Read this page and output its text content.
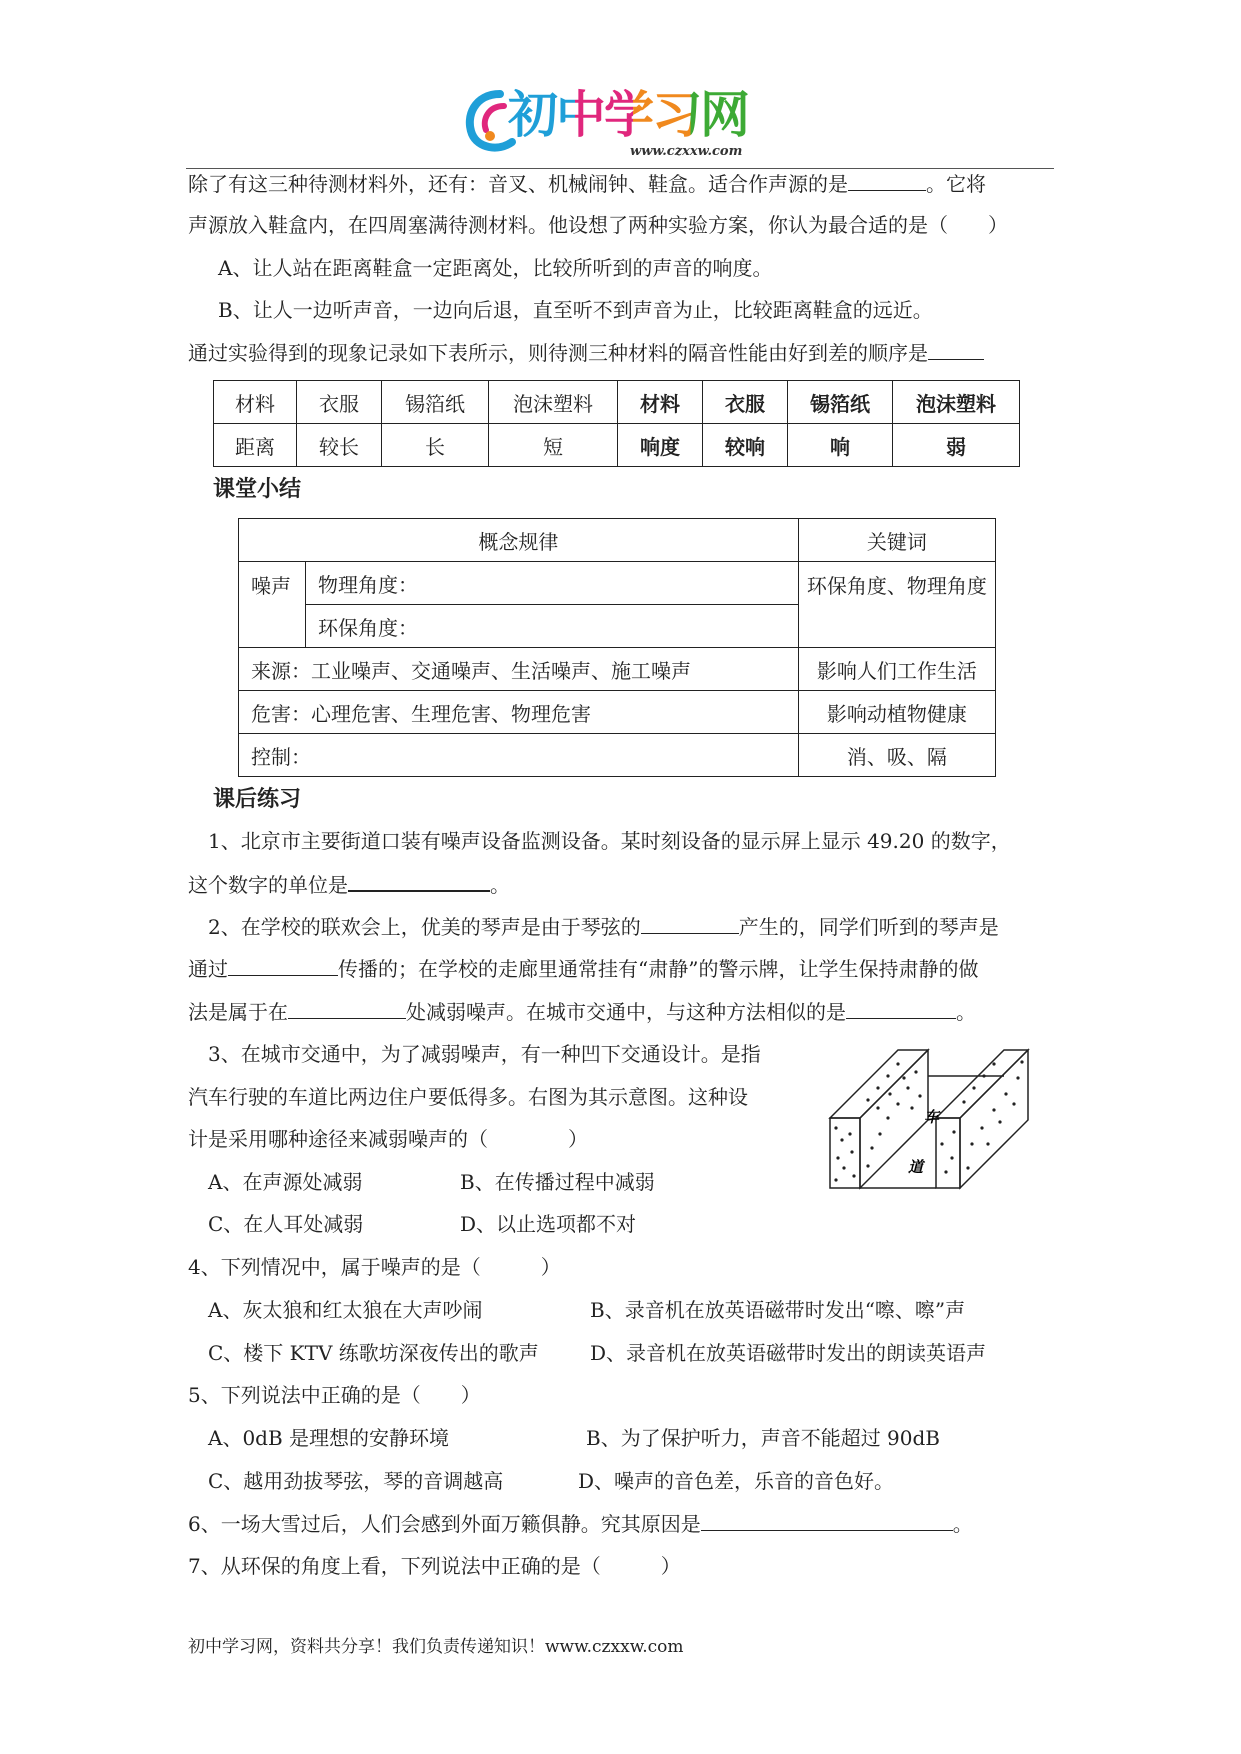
初中学习网
www.czxxw.com
除了有这三种待测材料外，还有：音叉、机械闹钟、鞋盒。适合作声源的是	。它将
声源放入鞋盒内，在四周塞满待测材料。他设想了两种实验方案，你认为最合适的是（　　）
A、让人站在距离鞋盒一定距离处，比较所听到的声音的响度。
B、让人一边听声音，一边向后退，直至听不到声音为止，比较距离鞋盒的远近。
通过实验得到的现象记录如下表所示，则待测三种材料的隔音性能由好到差的顺序是
材料	衣服	锡箔纸	泡沫塑料	材料	衣服	锡箔纸	泡沫塑料
距离	较长	长	短	响度	较响	响	弱
课堂小结
概念规律		关键词
噪声	物理角度：	环保角度、物理角度
	环保角度：	
来源：工业噪声、交通噪声、生活噪声、施工噪声		影响人们工作生活
危害：心理危害、生理危害、物理危害		影响动植物健康
控制：		消、吸、隔
课后练习
1、北京市主要街道口装有噪声设备监测设备。某时刻设备的显示屏上显示 49.20 的数字，
这个数字的单位是	。
2、在学校的联欢会上，优美的琴声是由于琴弦的	产生的，同学们听到的琴声是
通过	传播的；在学校的走廊里通常挂有“肃静”的警示牌，让学生保持肃静的做
法是属于在	处减弱噪声。在城市交通中，与这种方法相似的是	。
3、在城市交通中，为了减弱噪声，有一种凹下交通设计。是指
汽车行驶的车道比两边住户要低得多。右图为其示意图。这种设
计是采用哪种途径来减弱噪声的（　　　　）
A、在声源处减弱	B、在传播过程中减弱
C、在人耳处减弱	D、以止选项都不对
车
道
4、下列情况中，属于噪声的是（　　　）
A、灰太狼和红太狼在大声吵闹	B、录音机在放英语磁带时发出“嚓、嚓”声
C、楼下 KTV 练歌坊深夜传出的歌声	D、录音机在放英语磁带时发出的朗读英语声
5、下列说法中正确的是（　　）
A、0dB 是理想的安静环境	B、为了保护听力，声音不能超过 90dB
C、越用劲拔琴弦，琴的音调越高	D、噪声的音色差，乐音的音色好。
6、一场大雪过后，人们会感到外面万籁俱静。究其原因是	。
7、从环保的角度上看，下列说法中正确的是（　　　）
初中学习网，资料共分享！我们负责传递知识！www.czxxw.com
